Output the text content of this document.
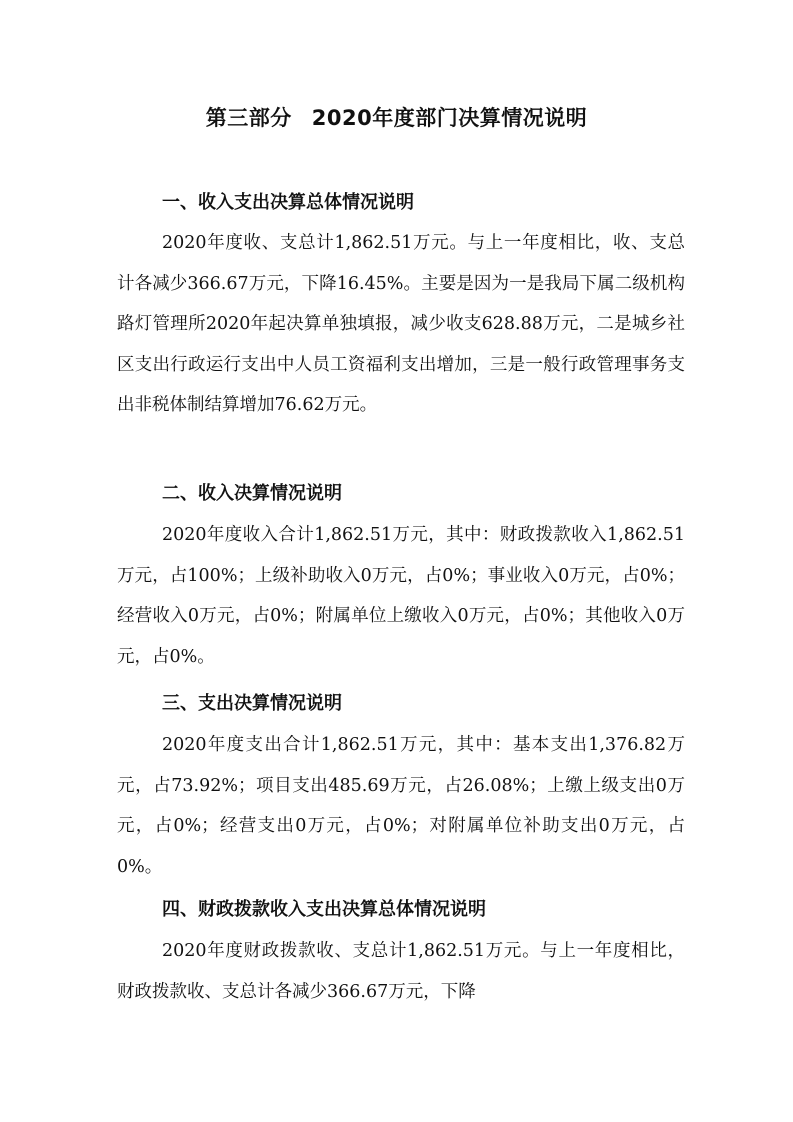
第三部分 2020年度部门决算情况说明
一、收入支出决算总体情况说明

2020年度收、支总计1,862.51万元。与上一年度相比，收、支总计各减少366.67万元，下降16.45%。主要是因为一是我局下属二级机构路灯管理所2020年起决算单独填报，减少收支628.88万元，二是城乡社区支出行政运行支出中人员工资福利支出增加，三是一般行政管理事务支出非税体制结算增加76.62万元。

二、收入决算情况说明

2020年度收入合计1,862.51万元，其中：财政拨款收入1,862.51万元，占100%；上级补助收入0万元，占0%；事业收入0万元，占0%；经营收入0万元，占0%；附属单位上缴收入0万元，占0%；其他收入0万元，占0%。

三、支出决算情况说明

2020年度支出合计1,862.51万元，其中：基本支出1,376.82万元，占73.92%；项目支出485.69万元，占26.08%；上缴上级支出0万元，占0%；经营支出0万元，占0%；对附属单位补助支出0万元，占0%。

四、财政拨款收入支出决算总体情况说明

2020年度财政拨款收、支总计1,862.51万元。与上一年度相比，财政拨款收、支总计各减少366.67万元，下降
